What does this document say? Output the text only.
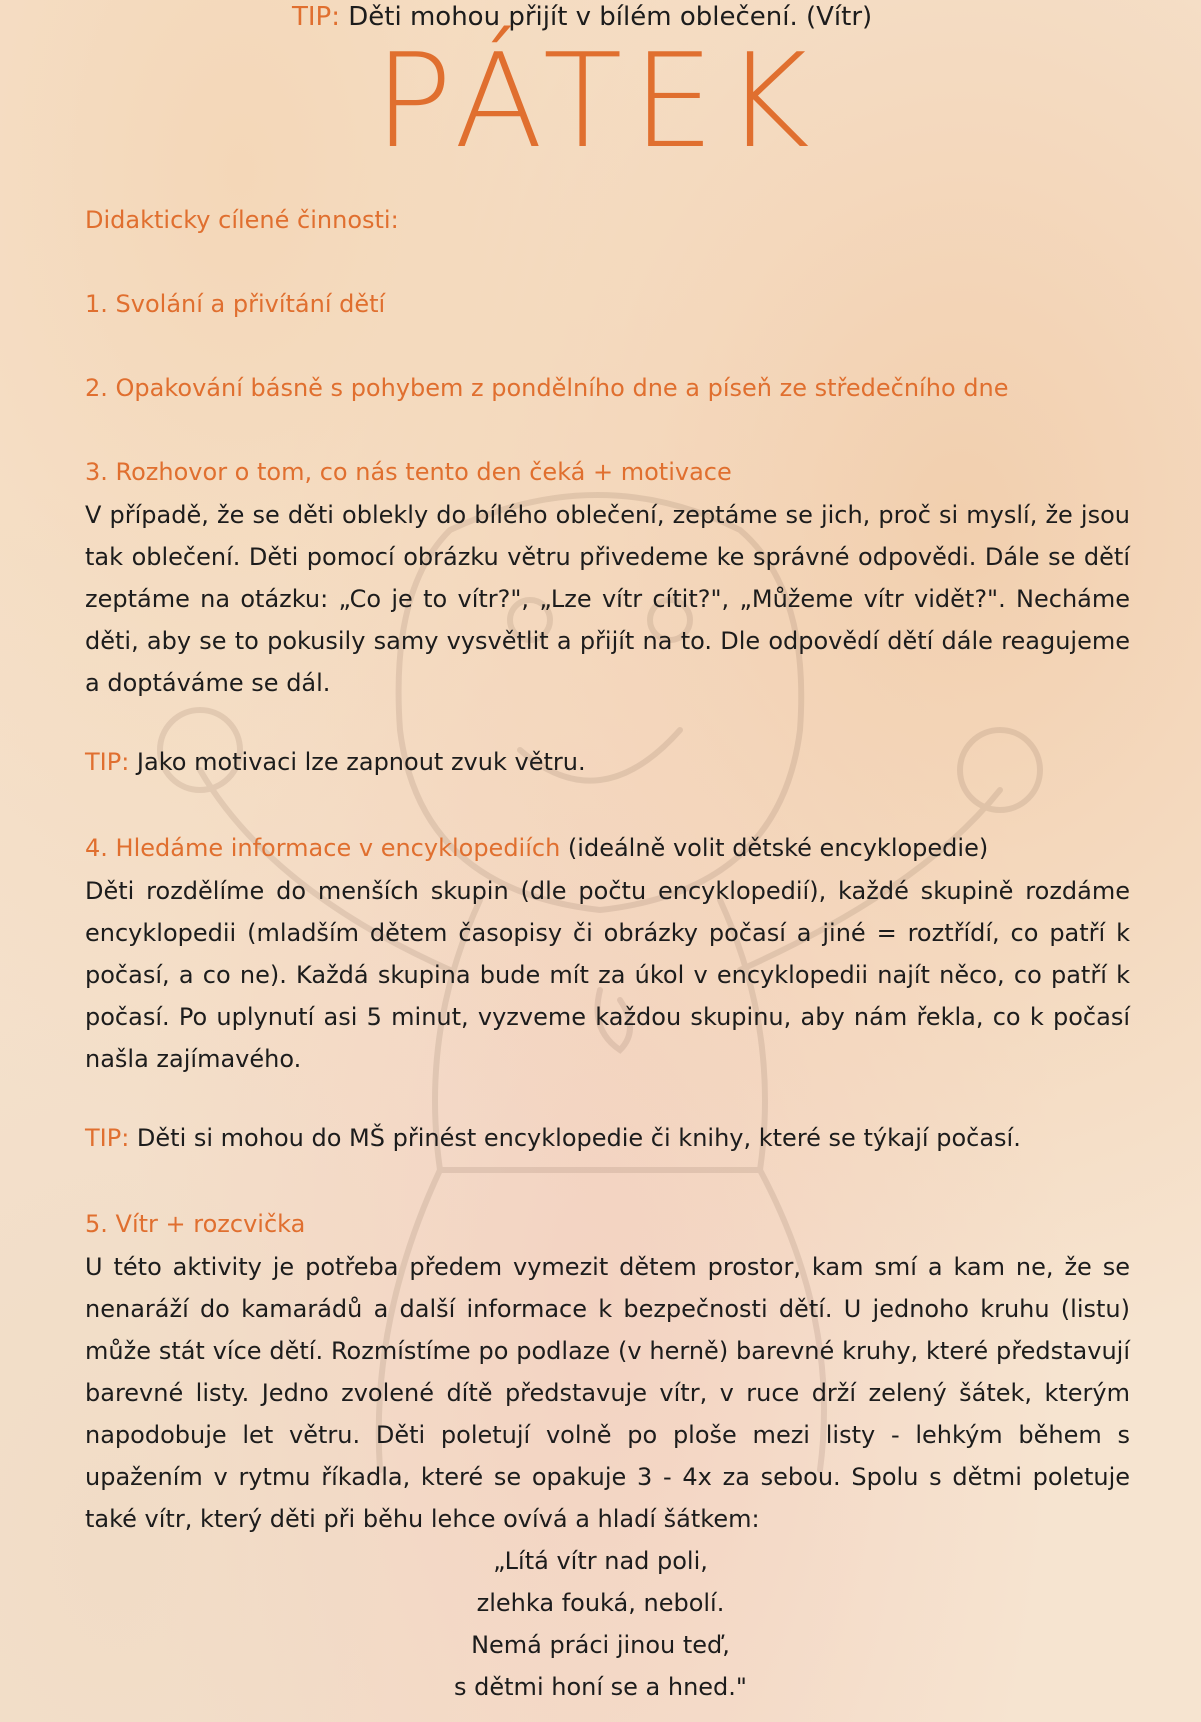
TIP: Děti mohou přijít v bílém oblečení. (Vítr)
PÁTEK
Didakticky cílené činnosti:
1. Svolání a přivítání dětí
2. Opakování básně s pohybem z pondělního dne a píseň ze středečního dne
3. Rozhovor o tom, co nás tento den čeká + motivace
V případě, že se děti oblekly do bílého oblečení, zeptáme se jich, proč si myslí, že jsou tak oblečení. Děti pomocí obrázku větru přivedeme ke správné odpovědi. Dále se dětí zeptáme na otázku: „Co je to vítr?", „Lze vítr cítit?", „Můžeme vítr vidět?". Necháme děti, aby se to pokusily samy vysvětlit a přijít na to. Dle odpovědí dětí dále reagujeme a doptáváme se dál.
TIP: Jako motivaci lze zapnout zvuk větru.
4. Hledáme informace v encyklopediích (ideálně volit dětské encyklopedie)
Děti rozdělíme do menších skupin (dle počtu encyklopedií), každé skupině rozdáme encyklopedii (mladším dětem časopisy či obrázky počasí a jiné = roztřídí, co patří k počasí, a co ne). Každá skupina bude mít za úkol v encyklopedii najít něco, co patří k počasí. Po uplynutí asi 5 minut, vyzveme každou skupinu, aby nám řekla, co k počasí našla zajímavého.
TIP: Děti si mohou do MŠ přinést encyklopedie či knihy, které se týkají počasí.
5. Vítr + rozcvička
U této aktivity je potřeba předem vymezit dětem prostor, kam smí a kam ne, že se nenaráží do kamarádů a další informace k bezpečnosti dětí. U jednoho kruhu (listu) může stát více dětí. Rozmístíme po podlaze (v herně) barevné kruhy, které představují barevné listy. Jedno zvolené dítě představuje vítr, v ruce drží zelený šátek, kterým napodobuje let větru. Děti poletují volně po ploše mezi listy - lehkým během s upažením v rytmu říkadla, které se opakuje 3 - 4x za sebou. Spolu s dětmi poletuje také vítr, který děti při běhu lehce ovívá a hladí šátkem:
„Lítá vítr nad poli,
zlehka fouká, nebolí.
Nemá práci jinou teď,
s dětmi honí se a hned."
